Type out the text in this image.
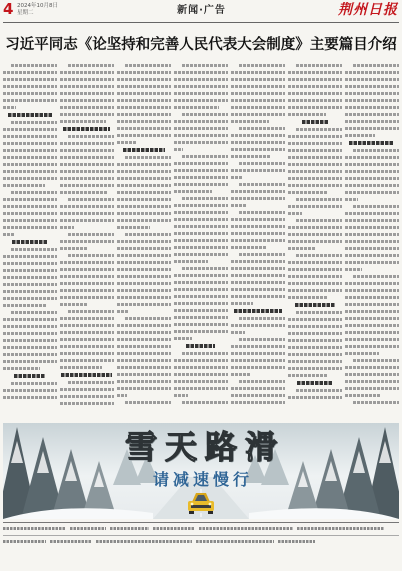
4 2024年10月8日
星期二	新闻·广告	荆州日报
习近平同志《论坚持和完善人民代表大会制度》主要篇目介绍
雪天路滑
请减速慢行
